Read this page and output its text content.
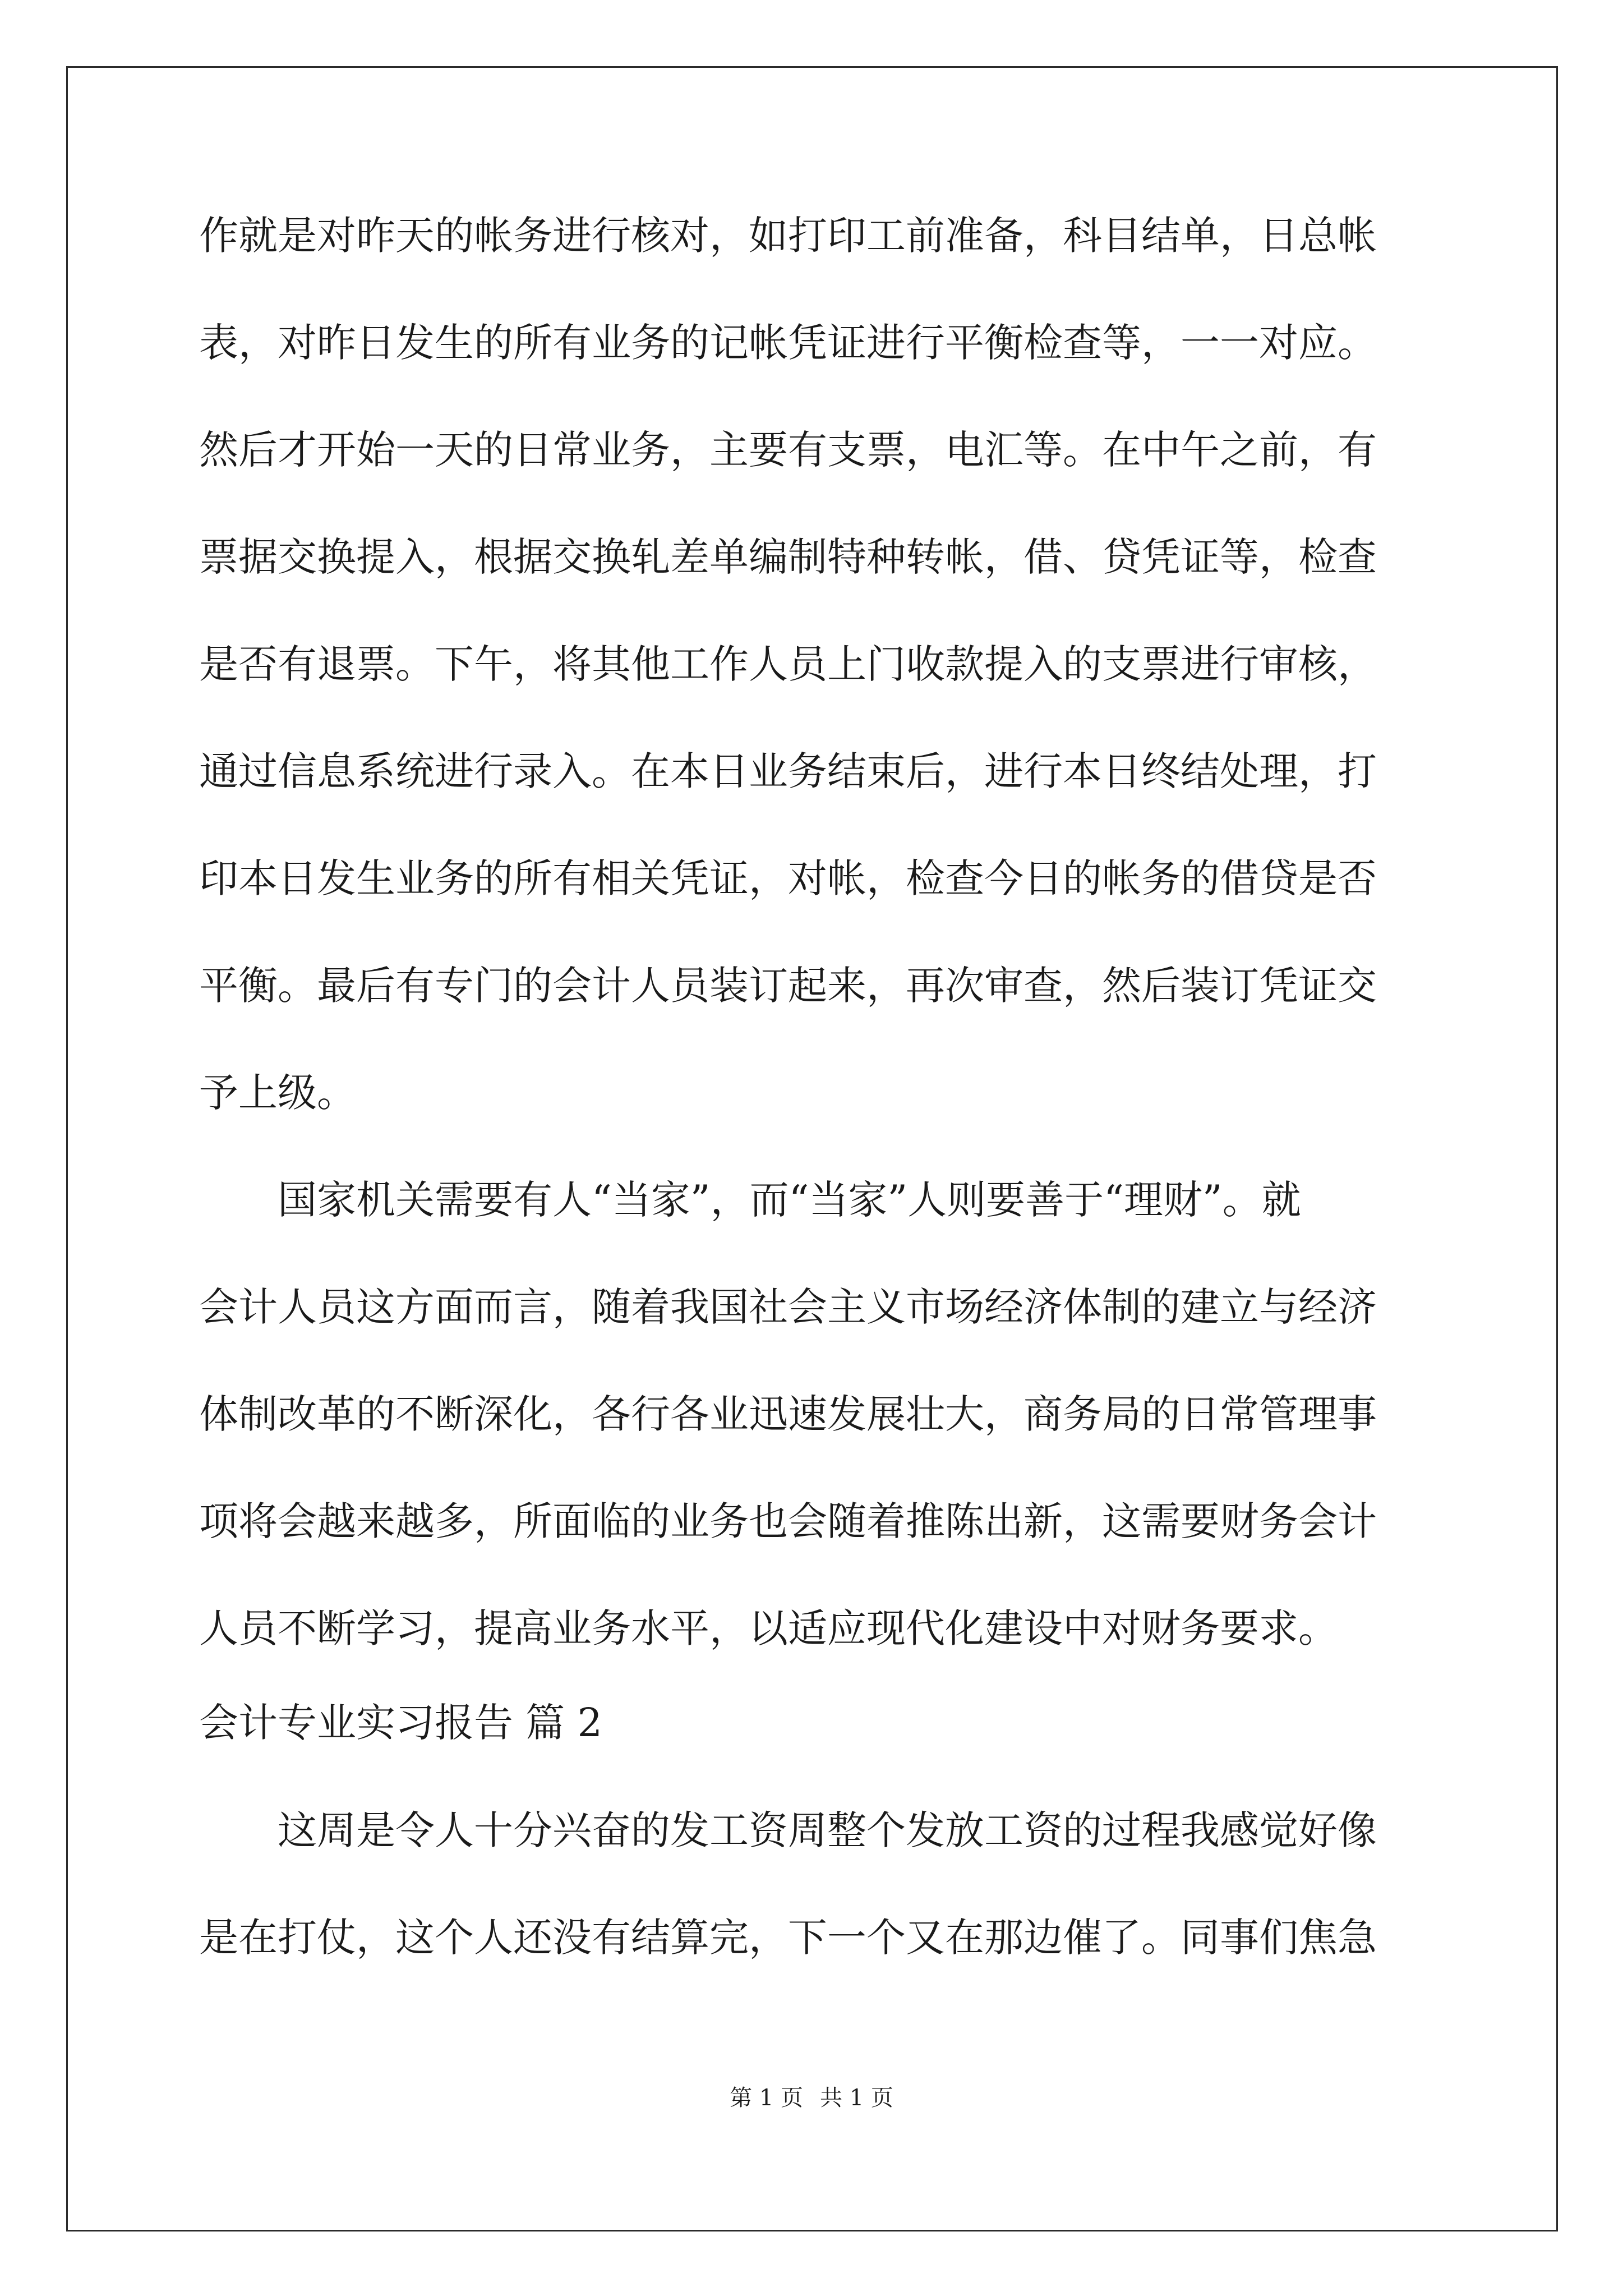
作就是对昨天的帐务进行核对，如打印工前准备，科目结单，日总帐

表，对昨日发生的所有业务的记帐凭证进行平衡检查等，一一对应。

然后才开始一天的日常业务，主要有支票，电汇等。在中午之前，有

票据交换提入，根据交换轧差单编制特种转帐，借、贷凭证等，检查

是否有退票。下午，将其他工作人员上门收款提入的支票进行审核，

通过信息系统进行录入。在本日业务结束后，进行本日终结处理，打

印本日发生业务的所有相关凭证，对帐，检查今日的帐务的借贷是否

平衡。最后有专门的会计人员装订起来，再次审查，然后装订凭证交

予上级。

　　国家机关需要有人“当家”，而“当家”人则要善于“理财”。就

会计人员这方面而言，随着我国社会主义市场经济体制的建立与经济

体制改革的不断深化，各行各业迅速发展壮大，商务局的日常管理事

项将会越来越多，所面临的业务也会随着推陈出新，这需要财务会计

人员不断学习，提高业务水平，以适应现代化建设中对财务要求。

会计专业实习报告 篇 2

　　这周是令人十分兴奋的发工资周整个发放工资的过程我感觉好像

是在打仗，这个人还没有结算完，下一个又在那边催了。同事们焦急

第 1 页 共 1 页
